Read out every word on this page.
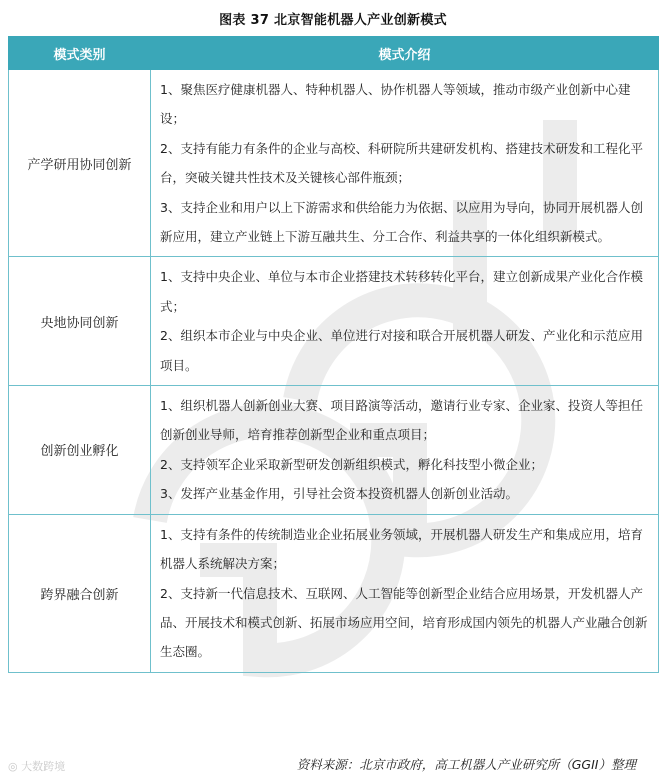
图表 37 北京智能机器人产业创新模式
模式类别	模式介绍
产学研用协同创新	1、聚焦医疗健康机器人、特种机器人、协作机器人等领域，推动市级产业创新中心建设；

2、支持有能力有条件的企业与高校、科研院所共建研发机构、搭建技术研发和工程化平台，突破关键共性技术及关键核心部件瓶颈；

3、支持企业和用户以上下游需求和供给能力为依据、以应用为导向，协同开展机器人创新应用，建立产业链上下游互融共生、分工合作、利益共享的一体化组织新模式。

央地协同创新	1、支持中央企业、单位与本市企业搭建技术转移转化平台，建立创新成果产业化合作模式；

2、组织本市企业与中央企业、单位进行对接和联合开展机器人研发、产业化和示范应用项目。

创新创业孵化	1、组织机器人创新创业大赛、项目路演等活动，邀请行业专家、企业家、投资人等担任创新创业导师，培育推荐创新型企业和重点项目；

2、支持领军企业采取新型研发创新组织模式，孵化科技型小微企业；

3、发挥产业基金作用，引导社会资本投资机器人创新创业活动。

跨界融合创新	1、支持有条件的传统制造业企业拓展业务领域，开展机器人研发生产和集成应用，培育机器人系统解决方案；

2、支持新一代信息技术、互联网、人工智能等创新型企业结合应用场景，开发机器人产品、开展技术和模式创新、拓展市场应用空间，培育形成国内领先的机器人产业融合创新生态圈。

◎ 大数跨境	资料来源：北京市政府，高工机器人产业研究所（GGII）整理
